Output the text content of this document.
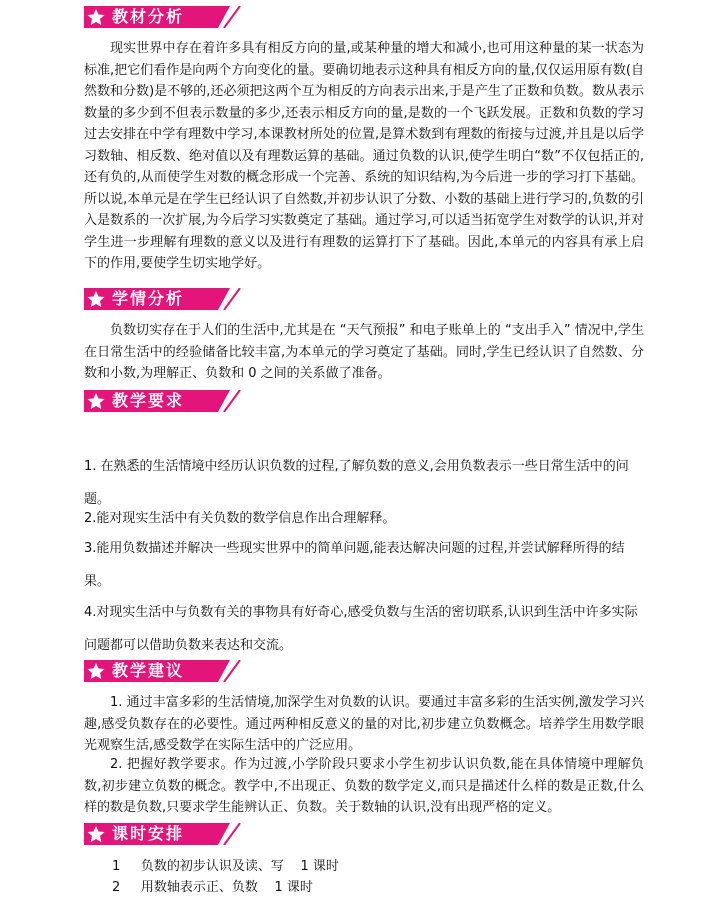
教材分析

现实世界中存在着许多具有相反方向的量,或某种量的增大和减小,也可用这种量的某一状态为标准,把它们看作是向两个方向变化的量。要确切地表示这种具有相反方向的量,仅仅运用原有数(自然数和分数)是不够的,还必须把这两个互为相反的方向表示出来,于是产生了正数和负数。数从表示数量的多少到不但表示数量的多少,还表示相反方向的量,是数的一个飞跃发展。正数和负数的学习过去安排在中学有理数中学习,本课教材所处的位置,是算术数到有理数的衔接与过渡,并且是以后学习数轴、相反数、绝对值以及有理数运算的基础。通过负数的认识,使学生明白“数”不仅包括正的,还有负的,从而使学生对数的概念形成一个完善、系统的知识结构,为今后进一步的学习打下基础。所以说,本单元是在学生已经认识了自然数,并初步认识了分数、小数的基础上进行学习的,负数的引入是数系的一次扩展,为今后学习实数奠定了基础。通过学习,可以适当拓宽学生对数学的认识,并对学生进一步理解有理数的意义以及进行有理数的运算打下了基础。因此,本单元的内容具有承上启下的作用,要使学生切实地学好。

学情分析

负数切实存在于人们的生活中,尤其是在 “天气预报” 和电子账单上的 “支出手入” 情况中,学生在日常生活中的经验储备比较丰富,为本单元的学习奠定了基础。同时,学生已经认识了自然数、分数和小数,为理解正、负数和 0 之间的关系做了准备。

教学要求

1. 在熟悉的生活情境中经历认识负数的过程,了解负数的意义,会用负数表示一些日常生活中的问题。

2.能对现实生活中有关负数的数学信息作出合理解释。

3.能用负数描述并解决一些现实世界中的简单问题,能表达解决问题的过程,并尝试解释所得的结果。

4.对现实生活中与负数有关的事物具有好奇心,感受负数与生活的密切联系,认识到生活中许多实际问题都可以借助负数来表达和交流。

教学建议

1. 通过丰富多彩的生活情境,加深学生对负数的认识。要通过丰富多彩的生活实例,激发学习兴趣,感受负数存在的必要性。通过两种相反意义的量的对比,初步建立负数概念。培养学生用数学眼光观察生活,感受数学在实际生活中的广泛应用。

2. 把握好教学要求。作为过渡,小学阶段只要求小学生初步认识负数,能在具体情境中理解负数,初步建立负数的概念。教学中,不出现正、负数的数学定义,而只是描述什么样的数是正数,什么样的数是负数,只要求学生能辨认正、负数。关于数轴的认识,没有出现严格的定义。

课时安排
1     负数的初步认识及读、写    1 课时
2     用数轴表示正、负数    1 课时
